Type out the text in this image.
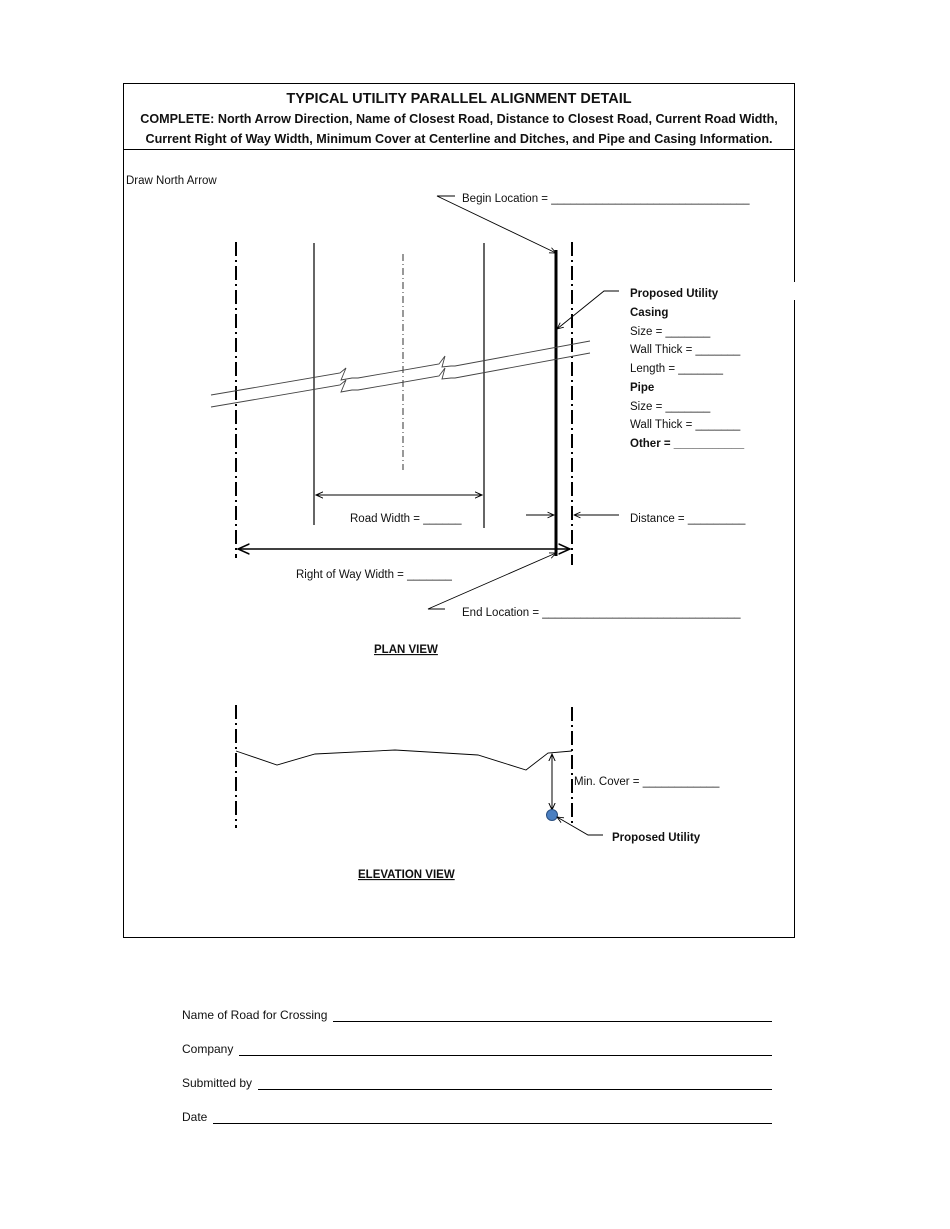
TYPICAL UTILITY PARALLEL ALIGNMENT DETAIL
COMPLETE: North Arrow Direction, Name of Closest Road, Distance to Closest Road, Current Road Width,
Current Right of Way Width, Minimum Cover at Centerline and Ditches, and Pipe and Casing Information.
Draw North Arrow
Begin Location = _______________________________
Proposed Utility
Casing
Size = _______
Wall Thick = _______
Length = _______
Pipe
Size = _______
Wall Thick = _______
Other = ___________
Road Width = ______	Distance = _________
Right of Way Width = _______
End Location = _______________________________
PLAN VIEW
Min. Cover = ____________
Proposed Utility
ELEVATION VIEW
Name of Road for Crossing
Company
Submitted by
Date
